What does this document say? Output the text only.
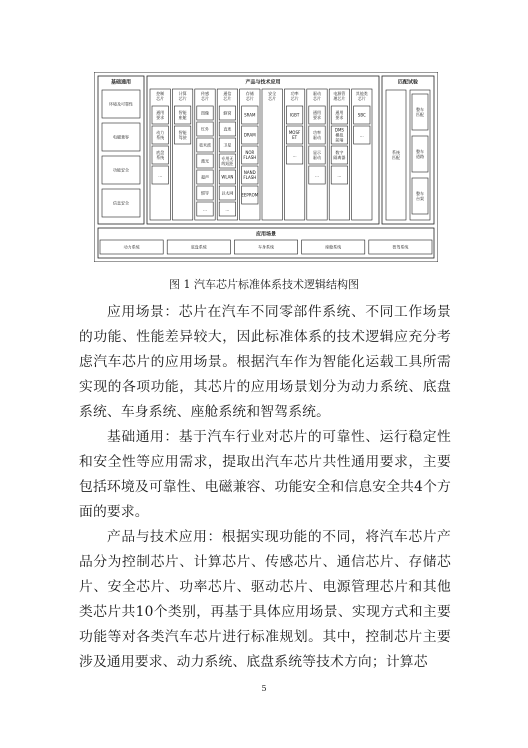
基础通用
环境及可靠性
电磁兼容
功能安全
信息安全
产品与技术应用
控制芯片
通用要求
动力系统
底盘系统
…
计算芯片
智能座舱
智能驾驶
传感芯片
图像
红外
毫米波
激光
超声
惯导
…
通信芯片
蜂窝
直连
卫星
专用无线短距
WLAN
以太网
…
存储芯片
SRAM
DRAM
NOR FLASH
NAND FLASH
EEPROM
安全芯片
功率芯片
IGBT
MOSF ET
…
驱动芯片
通用要求
功率驱动
显示驱动
…
电源管理芯片
通用要求
DMS 模拟前端
数字隔离器
…
其他类芯片
SBC
…
匹配试验
系统匹配
整车匹配
整车道路
整车台架
应用场景
动力系统	底盘系统	车身系统	座舱系统	智驾系统
图 1 汽车芯片标准体系技术逻辑结构图

应用场景：芯片在汽车不同零部件系统、不同工作场景的功能、性能差异较大，因此标准体系的技术逻辑应充分考虑汽车芯片的应用场景。根据汽车作为智能化运载工具所需实现的各项功能，其芯片的应用场景划分为动力系统、底盘系统、车身系统、座舱系统和智驾系统。

基础通用：基于汽车行业对芯片的可靠性、运行稳定性和安全性等应用需求，提取出汽车芯片共性通用要求，主要包括环境及可靠性、电磁兼容、功能安全和信息安全共4个方面的要求。

产品与技术应用：根据实现功能的不同，将汽车芯片产品分为控制芯片、计算芯片、传感芯片、通信芯片、存储芯片、安全芯片、功率芯片、驱动芯片、电源管理芯片和其他类芯片共10个类别，再基于具体应用场景、实现方式和主要功能等对各类汽车芯片进行标准规划。其中，控制芯片主要涉及通用要求、动力系统、底盘系统等技术方向；计算芯

5
